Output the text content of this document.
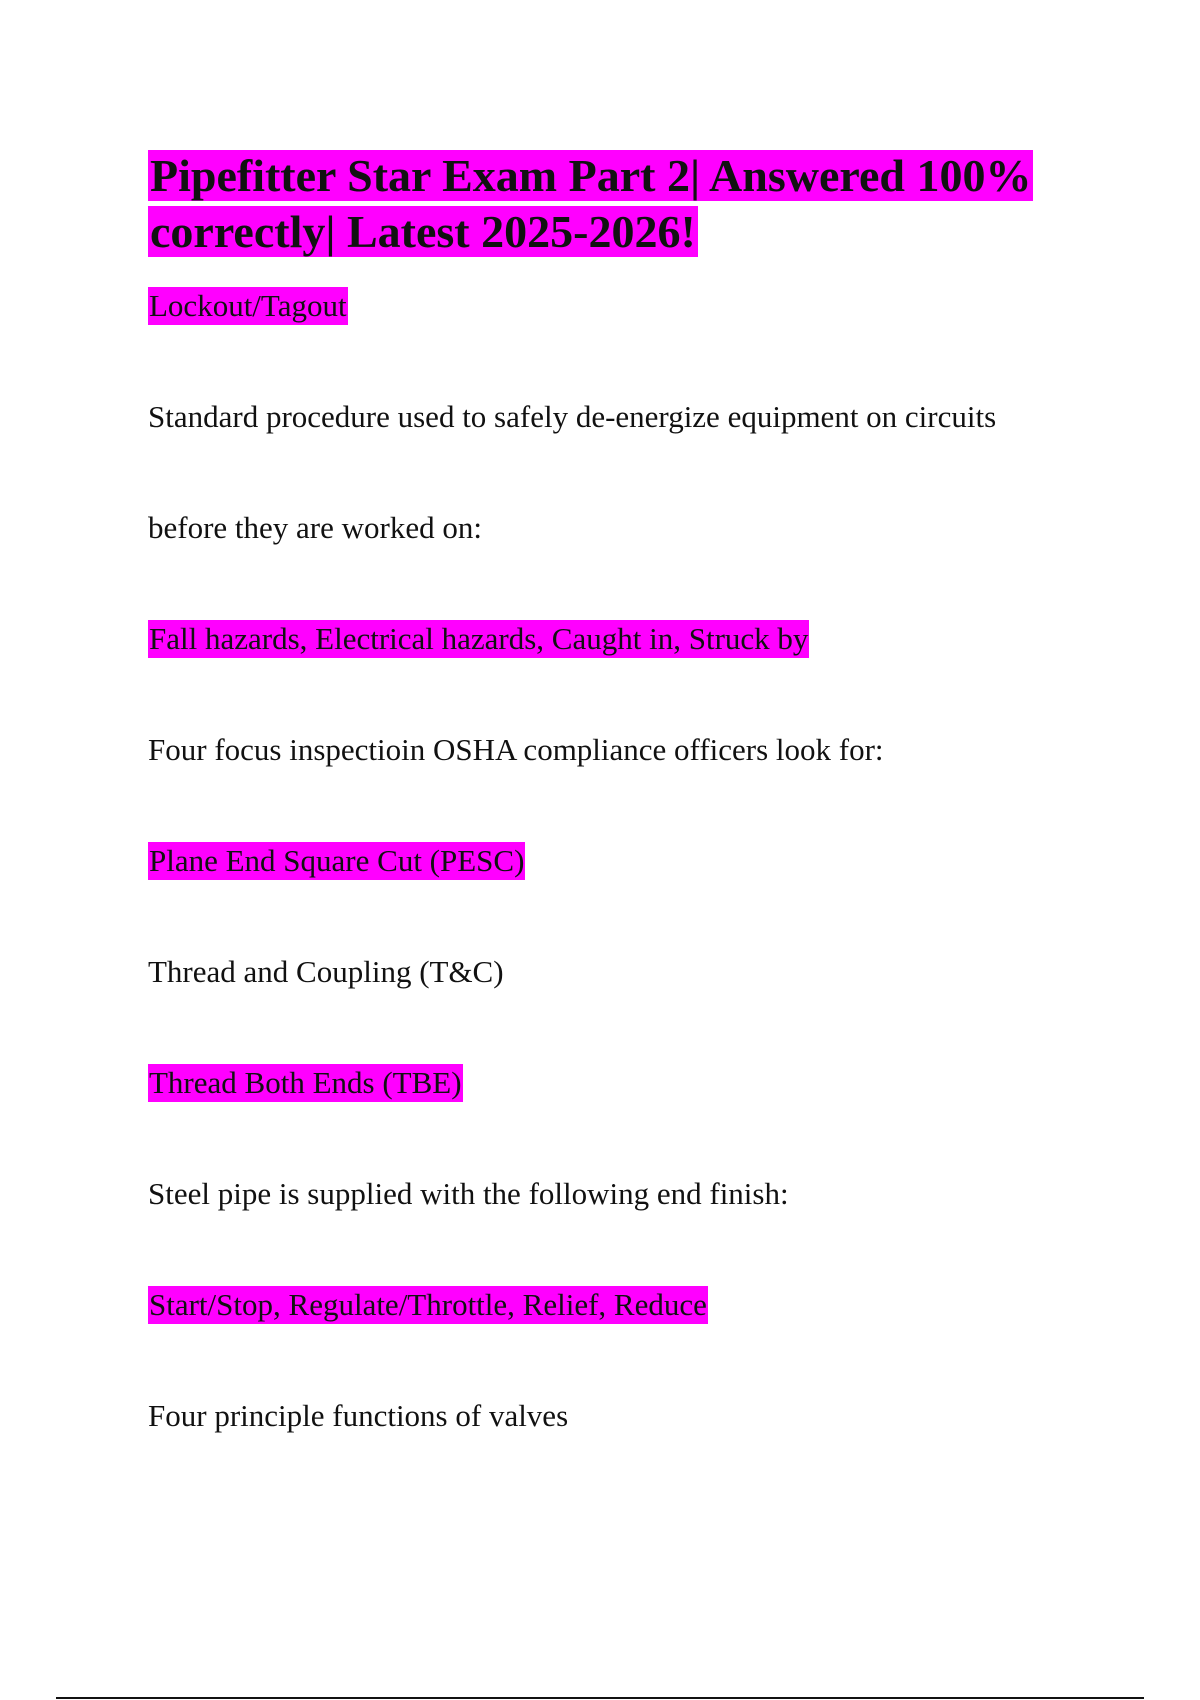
Pipefitter Star Exam Part 2| Answered 100% correctly| Latest 2025-2026!

Lockout/Tagout

Standard procedure used to safely de-energize equipment on circuits

before they are worked on:

Fall hazards, Electrical hazards, Caught in, Struck by

Four focus inspectioin OSHA compliance officers look for:

Plane End Square Cut (PESC)

Thread and Coupling (T&C)

Thread Both Ends (TBE)

Steel pipe is supplied with the following end finish:

Start/Stop, Regulate/Throttle, Relief, Reduce

Four principle functions of valves
